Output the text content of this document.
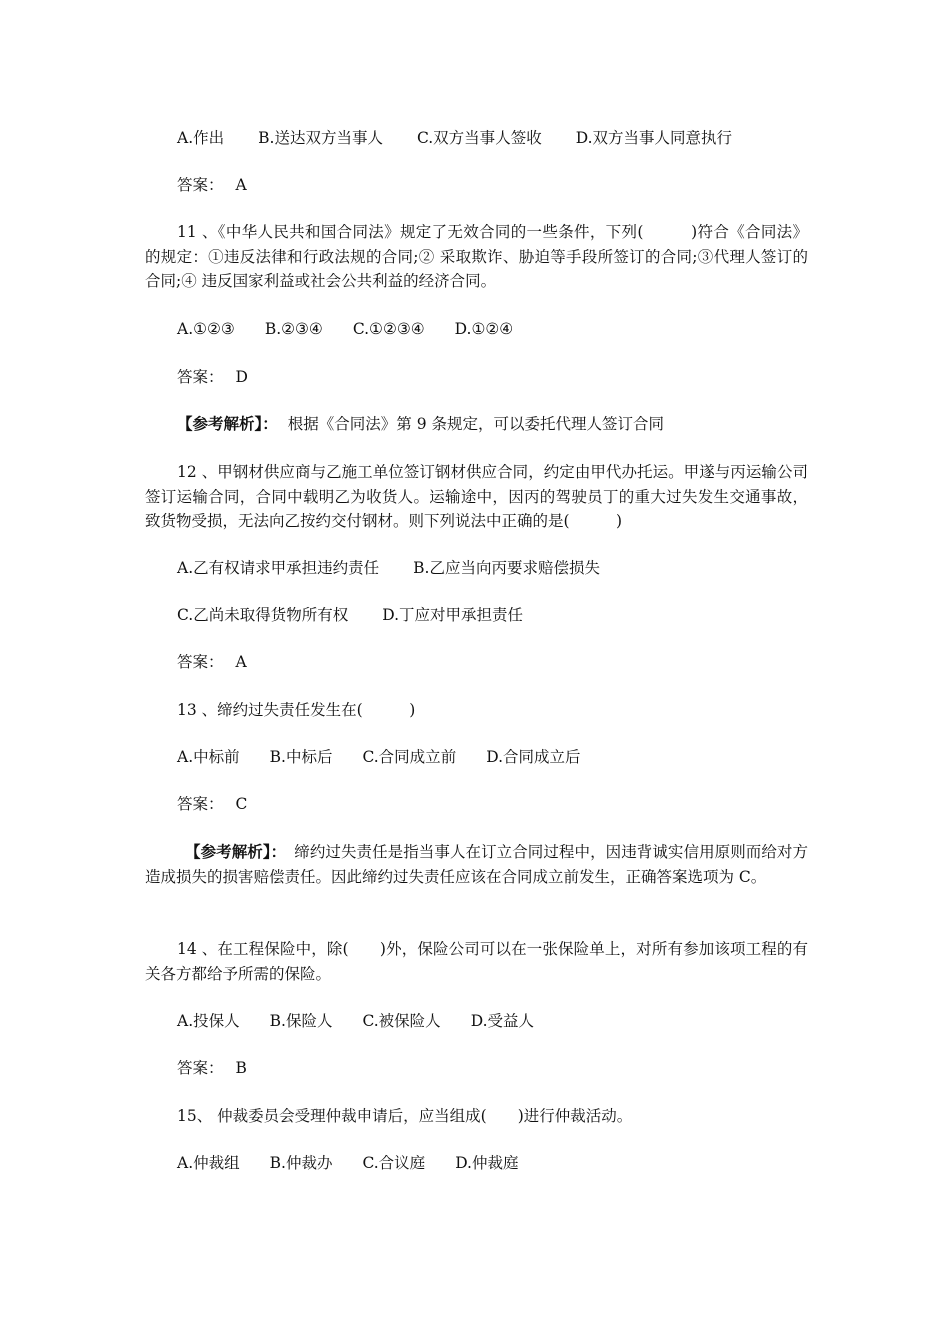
A.作出 B.送达双方当事人 C.双方当事人签收 D.双方当事人同意执行
答案： A
11 、《中华人民共和国合同法》规定了无效合同的一些条件，下列(　　　)符合《合同法》的规定：①违反法律和行政法规的合同;② 采取欺诈、胁迫等手段所签订的合同;③代理人签订的合同;④ 违反国家利益或社会公共利益的经济合同。
A.①②③ B.②③④ C.①②③④ D.①②④
答案： D
【参考解析】： 根据《合同法》第 9 条规定，可以委托代理人签订合同
12 、甲钢材供应商与乙施工单位签订钢材供应合同，约定由甲代办托运。甲遂与丙运输公司签订运输合同，合同中载明乙为收货人。运输途中，因丙的驾驶员丁的重大过失发生交通事故，致货物受损，无法向乙按约交付钢材。则下列说法中正确的是(　　　)
A.乙有权请求甲承担违约责任 B.乙应当向丙要求赔偿损失
C.乙尚未取得货物所有权 D.丁应对甲承担责任
答案： A
13 、缔约过失责任发生在(　　　)
A.中标前 B.中标后 C.合同成立前 D.合同成立后
答案： C
【参考解析】： 缔约过失责任是指当事人在订立合同过程中，因违背诚实信用原则而给对方造成损失的损害赔偿责任。因此缔约过失责任应该在合同成立前发生，正确答案选项为 C。
14 、在工程保险中，除(　　)外，保险公司可以在一张保险单上，对所有参加该项工程的有关各方都给予所需的保险。
A.投保人 B.保险人 C.被保险人 D.受益人
答案： B
15、 仲裁委员会受理仲裁申请后，应当组成(　　)进行仲裁活动。
A.仲裁组 B.仲裁办 C.合议庭 D.仲裁庭
